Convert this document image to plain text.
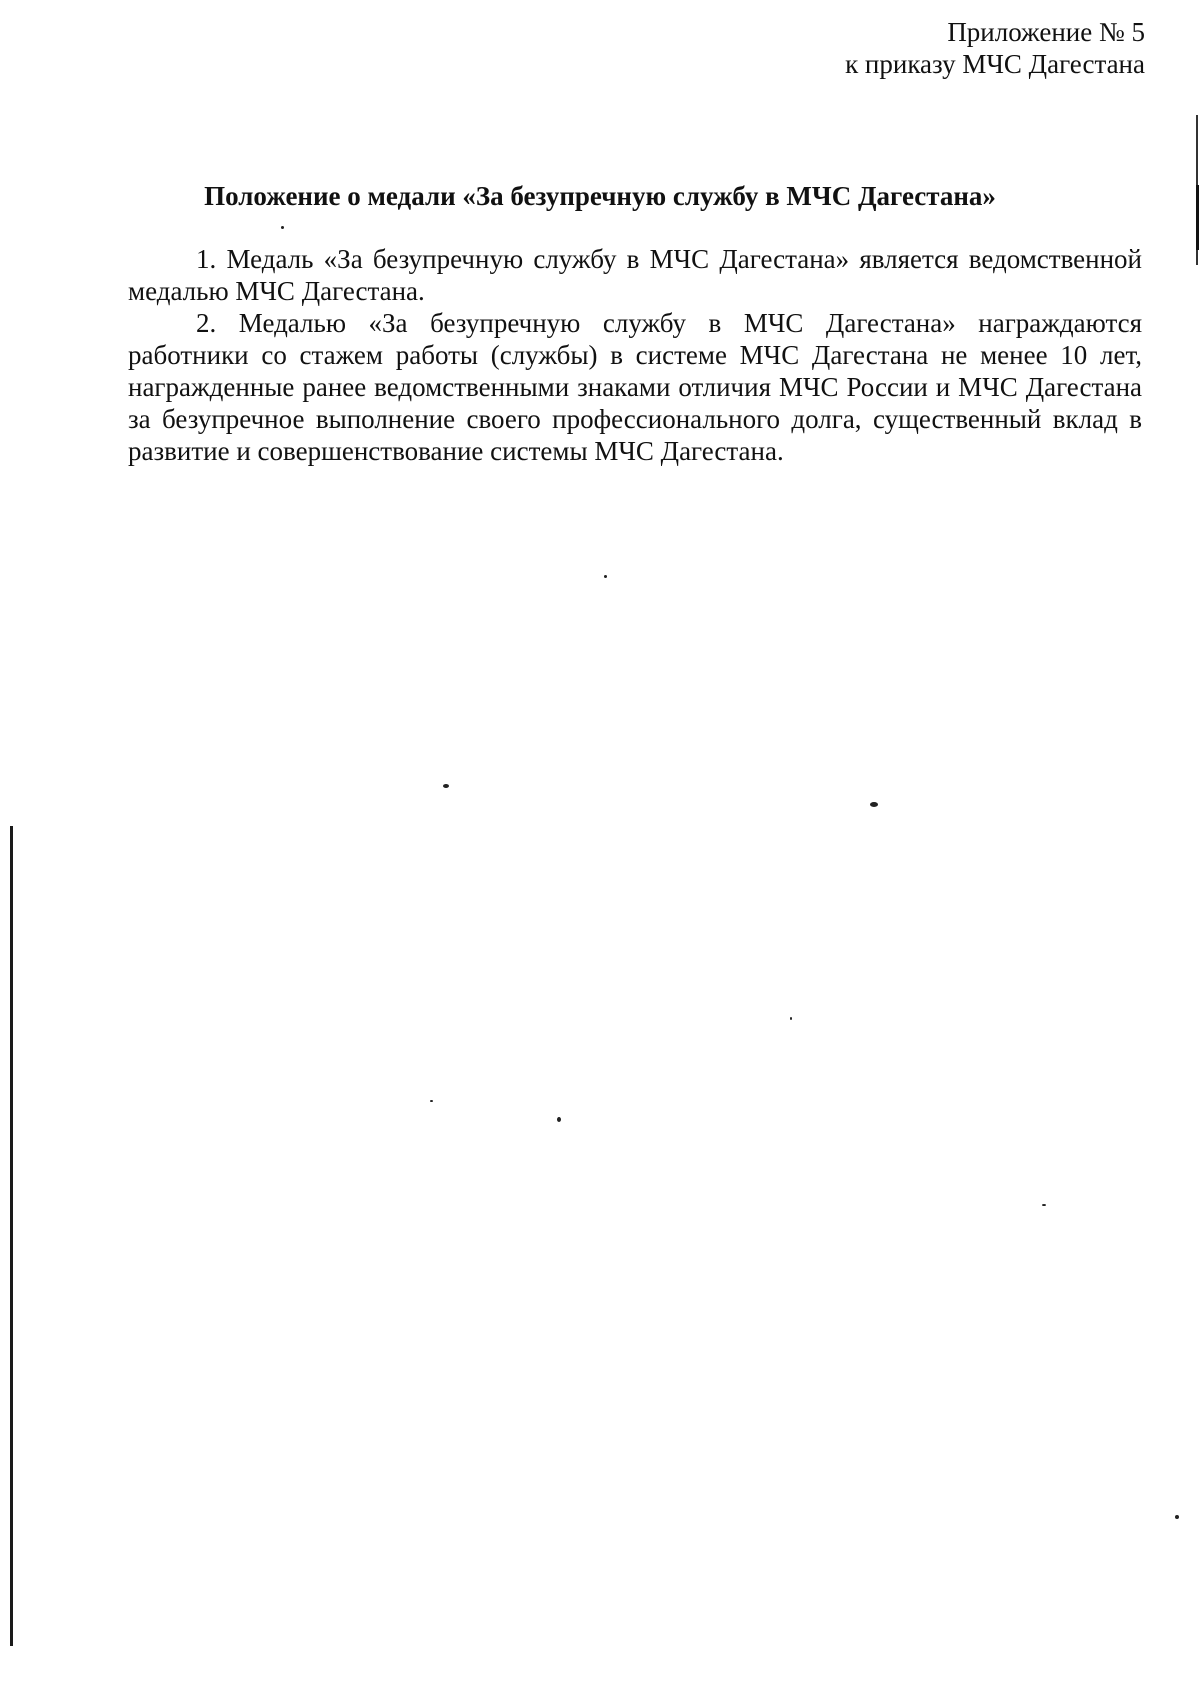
Приложение № 5
к приказу МЧС Дагестана
Положение о медали «За безупречную службу в МЧС Дагестана»

1. Медаль «За безупречную службу в МЧС Дагестана» является ведомственной медалью МЧС Дагестана.

2. Медалью «За безупречную службу в МЧС Дагестана» награждаются работники со стажем работы (службы) в системе МЧС Дагестана не менее 10 лет, награжденные ранее ведомственными знаками отличия МЧС России и МЧС Дагестана за безупречное выполнение своего профессионального долга, существенный вклад в развитие и совершенствование системы МЧС Дагестана.
